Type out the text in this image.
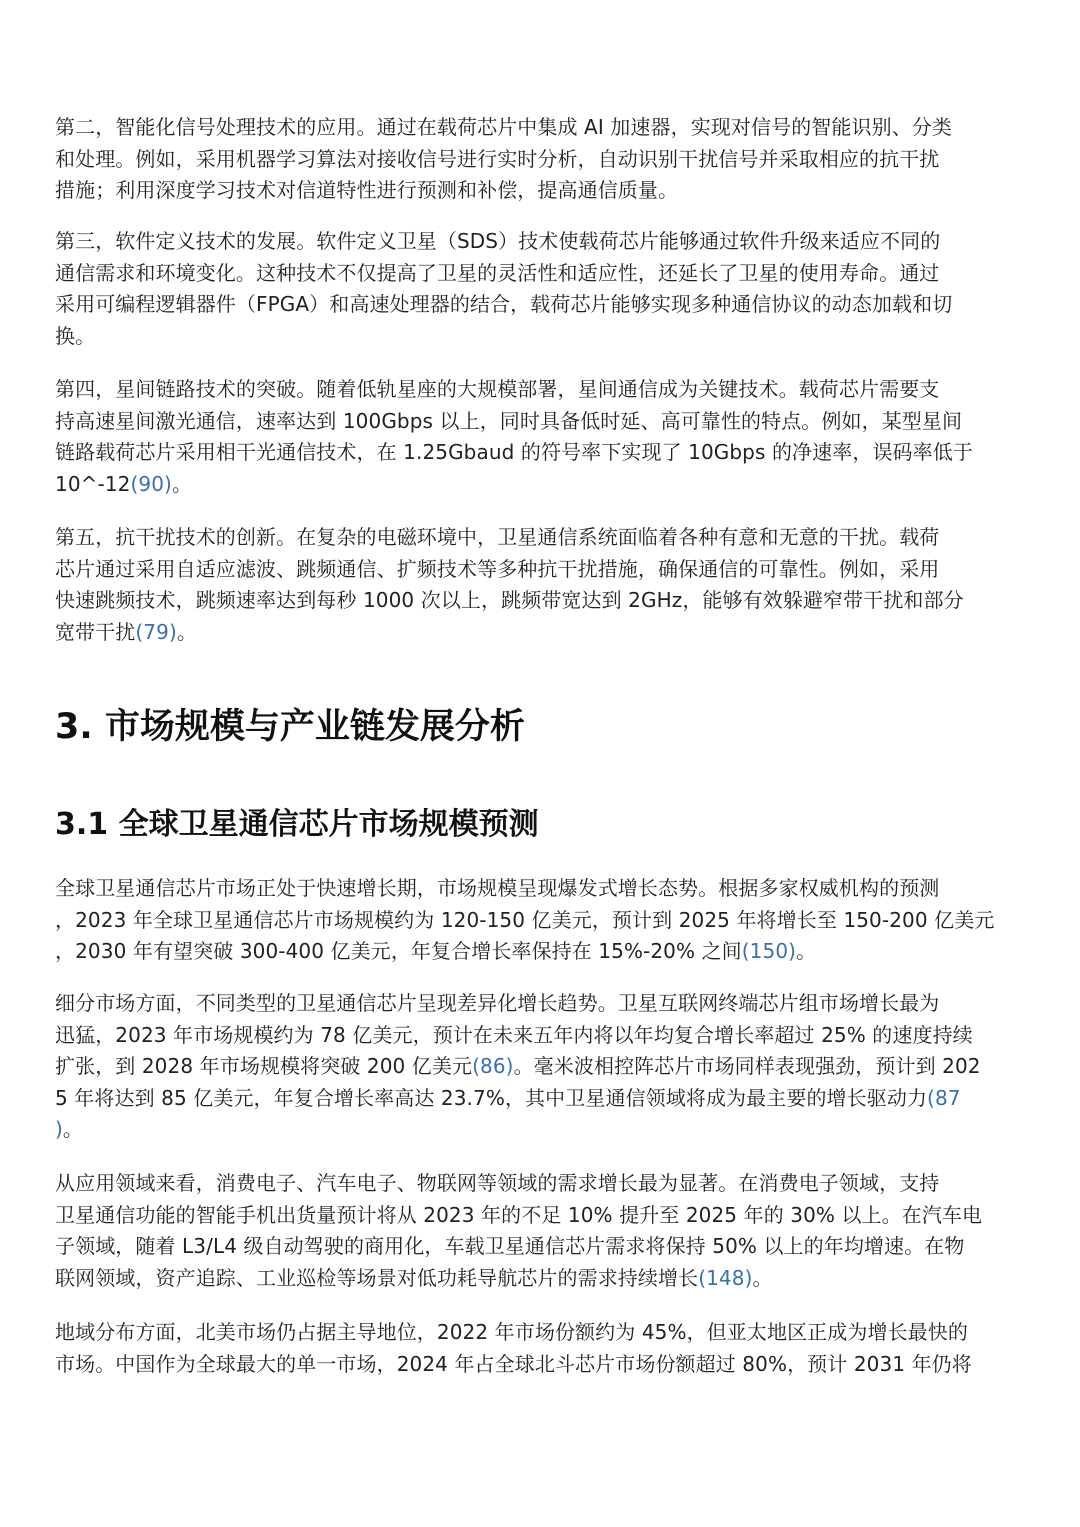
第二，智能化信号处理技术的应用。通过在载荷芯片中集成 AI 加速器，实现对信号的智能识别、分类
和处理。例如，采用机器学习算法对接收信号进行实时分析，自动识别干扰信号并采取相应的抗干扰
措施；利用深度学习技术对信道特性进行预测和补偿，提高通信质量。

第三，软件定义技术的发展。软件定义卫星（SDS）技术使载荷芯片能够通过软件升级来适应不同的
通信需求和环境变化。这种技术不仅提高了卫星的灵活性和适应性，还延长了卫星的使用寿命。通过
采用可编程逻辑器件（FPGA）和高速处理器的结合，载荷芯片能够实现多种通信协议的动态加载和切
换。

第四，星间链路技术的突破。随着低轨星座的大规模部署，星间通信成为关键技术。载荷芯片需要支
持高速星间激光通信，速率达到 100Gbps 以上，同时具备低时延、高可靠性的特点。例如，某型星间
链路载荷芯片采用相干光通信技术，在 1.25Gbaud 的符号率下实现了 10Gbps 的净速率，误码率低于
10^-12(90)。

第五，抗干扰技术的创新。在复杂的电磁环境中，卫星通信系统面临着各种有意和无意的干扰。载荷
芯片通过采用自适应滤波、跳频通信、扩频技术等多种抗干扰措施，确保通信的可靠性。例如，采用
快速跳频技术，跳频速率达到每秒 1000 次以上，跳频带宽达到 2GHz，能够有效躲避窄带干扰和部分
宽带干扰(79)。

3. 市场规模与产业链发展分析
3.1 全球卫星通信芯片市场规模预测

全球卫星通信芯片市场正处于快速增长期，市场规模呈现爆发式增长态势。根据多家权威机构的预测
，2023 年全球卫星通信芯片市场规模约为 120-150 亿美元，预计到 2025 年将增长至 150-200 亿美元
，2030 年有望突破 300-400 亿美元，年复合增长率保持在 15%-20% 之间(150)。

细分市场方面，不同类型的卫星通信芯片呈现差异化增长趋势。卫星互联网终端芯片组市场增长最为
迅猛，2023 年市场规模约为 78 亿美元，预计在未来五年内将以年均复合增长率超过 25% 的速度持续
扩张，到 2028 年市场规模将突破 200 亿美元(86)。毫米波相控阵芯片市场同样表现强劲，预计到 202
5 年将达到 85 亿美元，年复合增长率高达 23.7%，其中卫星通信领域将成为最主要的增长驱动力(87
)。

从应用领域来看，消费电子、汽车电子、物联网等领域的需求增长最为显著。在消费电子领域，支持
卫星通信功能的智能手机出货量预计将从 2023 年的不足 10% 提升至 2025 年的 30% 以上。在汽车电
子领域，随着 L3/L4 级自动驾驶的商用化，车载卫星通信芯片需求将保持 50% 以上的年均增速。在物
联网领域，资产追踪、工业巡检等场景对低功耗导航芯片的需求持续增长(148)。

地域分布方面，北美市场仍占据主导地位，2022 年市场份额约为 45%，但亚太地区正成为增长最快的
市场。中国作为全球最大的单一市场，2024 年占全球北斗芯片市场份额超过 80%，预计 2031 年仍将
